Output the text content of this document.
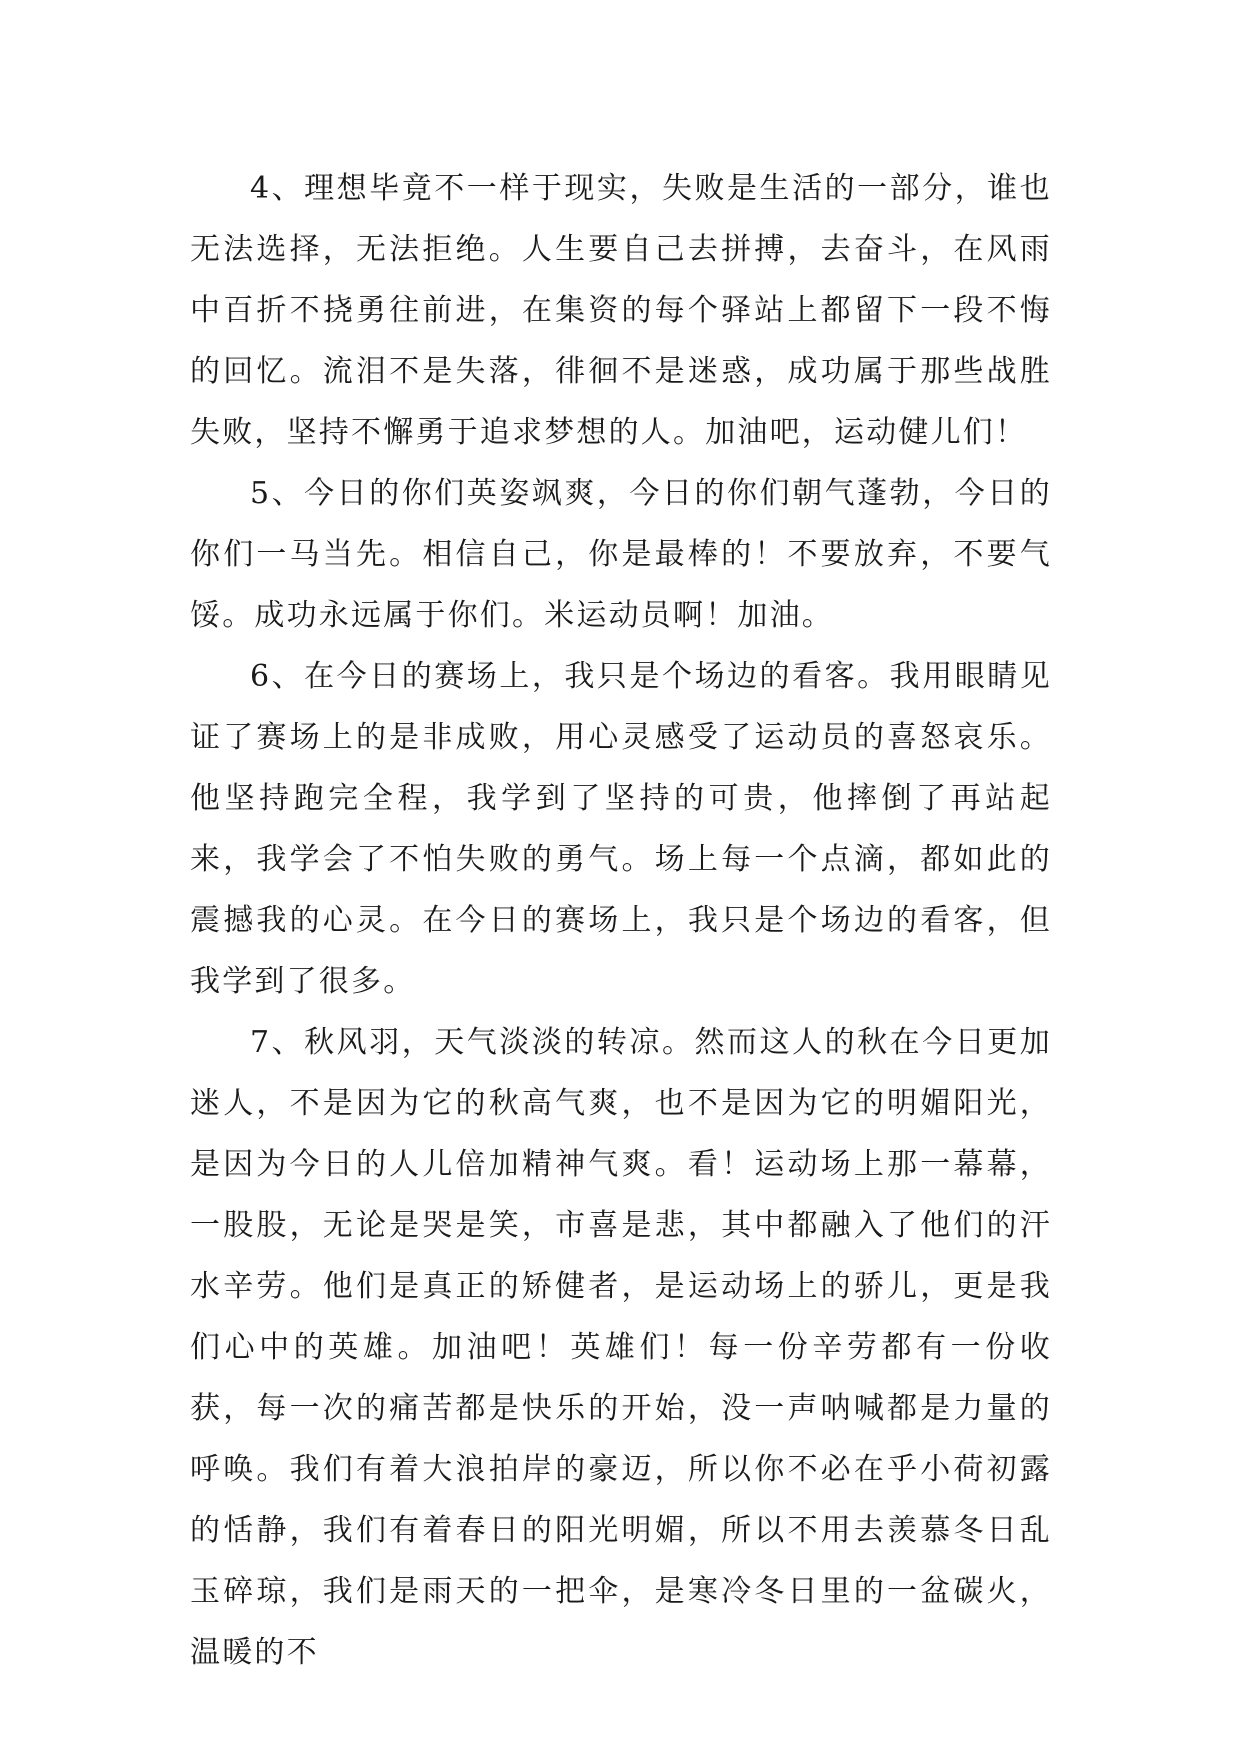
4、理想毕竟不一样于现实，失败是生活的一部分，谁也无法选择，无法拒绝。人生要自己去拼搏，去奋斗，在风雨中百折不挠勇往前进，在集资的每个驿站上都留下一段不悔的回忆。流泪不是失落，徘徊不是迷惑，成功属于那些战胜失败，坚持不懈勇于追求梦想的人。加油吧，运动健儿们！

5、今日的你们英姿飒爽，今日的你们朝气蓬勃，今日的你们一马当先。相信自己，你是最棒的！不要放弃，不要气馁。成功永远属于你们。米运动员啊！加油。

6、在今日的赛场上，我只是个场边的看客。我用眼睛见证了赛场上的是非成败，用心灵感受了运动员的喜怒哀乐。他坚持跑完全程，我学到了坚持的可贵，他摔倒了再站起来，我学会了不怕失败的勇气。场上每一个点滴，都如此的震撼我的心灵。在今日的赛场上，我只是个场边的看客，但我学到了很多。

7、秋风羽，天气淡淡的转凉。然而这人的秋在今日更加迷人，不是因为它的秋高气爽，也不是因为它的明媚阳光，是因为今日的人儿倍加精神气爽。看！运动场上那一幕幕，一股股，无论是哭是笑，市喜是悲，其中都融入了他们的汗水辛劳。他们是真正的矫健者，是运动场上的骄儿，更是我们心中的英雄。加油吧！英雄们！每一份辛劳都有一份收获，每一次的痛苦都是快乐的开始，没一声呐喊都是力量的呼唤。我们有着大浪拍岸的豪迈，所以你不必在乎小荷初露的恬静，我们有着春日的阳光明媚，所以不用去羡慕冬日乱玉碎琼，我们是雨天的一把伞，是寒冷冬日里的一盆碳火，温暖的不
